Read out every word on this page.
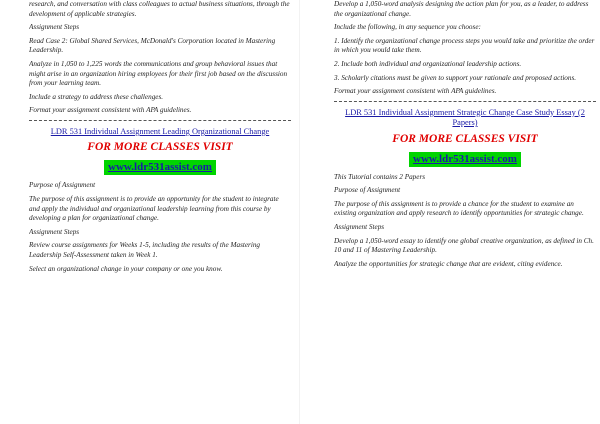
research, and conversation with class colleagues to actual business situations, through the development of applicable strategies.

Assignment Steps

Read Case 2: Global Shared Services, McDonald's Corporation located in Mastering Leadership.

Analyze in 1,050 to 1,225 words the communications and group behavioral issues that might arise in an organization hiring employees for their first job based on the discussion from your learning team.

Include a strategy to address these challenges.

Format your assignment consistent with APA guidelines.

LDR 531 Individual Assignment Leading Organizational Change
FOR MORE CLASSES VISIT
www.ldr531assist.com

Purpose of Assignment

The purpose of this assignment is to provide an opportunity for the student to integrate and apply the individual and organizational leadership learning from this course by developing a plan for organizational change.

Assignment Steps

Review course assignments for Weeks 1-5, including the results of the Mastering Leadership Self-Assessment taken in Week 1.

Select an organizational change in your company or one you know.

Develop a 1,050-word analysis designing the action plan for you, as a leader, to address the organizational change.

Include the following, in any sequence you choose:

1. Identify the organizational change process steps you would take and prioritize the order in which you would take them.

2. Include both individual and organizational leadership actions.

3. Scholarly citations must be given to support your rationale and proposed actions.

Format your assignment consistent with APA guidelines.

LDR 531 Individual Assignment Strategic Change Case Study Essay (2 Papers)
FOR MORE CLASSES VISIT
www.ldr531assist.com

This Tutorial contains 2 Papers

Purpose of Assignment

The purpose of this assignment is to provide a chance for the student to examine an existing organization and apply research to identify opportunities for strategic change.

Assignment Steps

Develop a 1,050-word essay to identify one global creative organization, as defined in Ch. 10 and 11 of Mastering Leadership.

Analyze the opportunities for strategic change that are evident, citing evidence.
